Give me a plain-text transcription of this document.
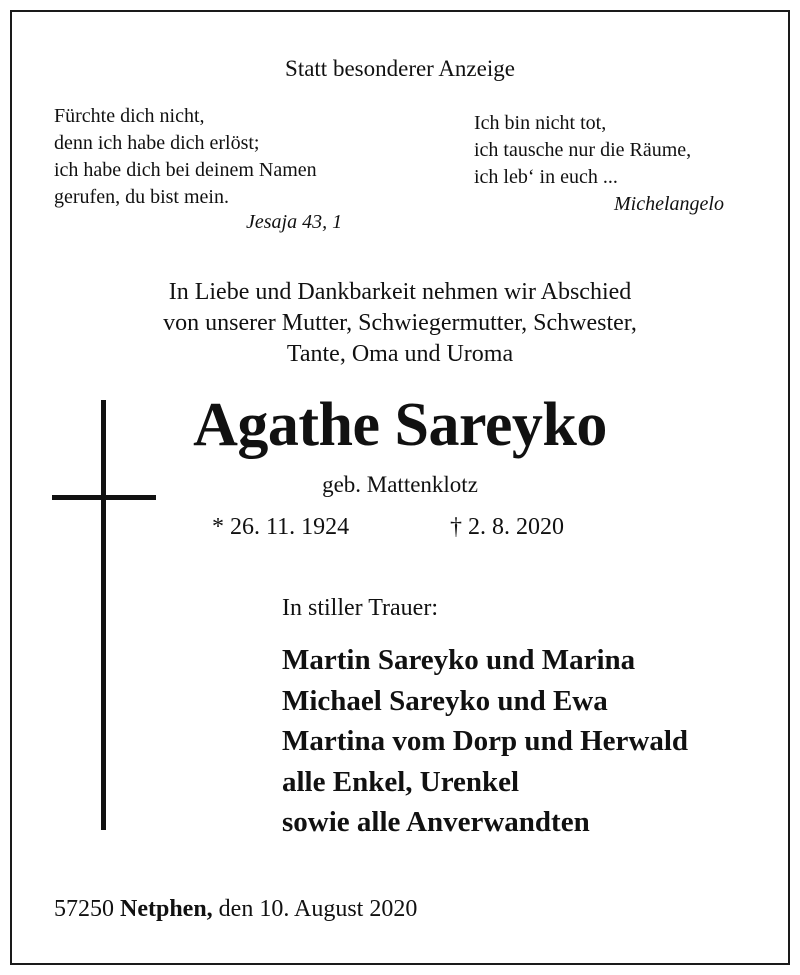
Statt besonderer Anzeige
Fürchte dich nicht,
denn ich habe dich erlöst;
ich habe dich bei deinem Namen
gerufen, du bist mein.
Jesaja 43, 1
Ich bin nicht tot,
ich tausche nur die Räume,
ich leb‘ in euch ...
Michelangelo
In Liebe und Dankbarkeit nehmen wir Abschied
von unserer Mutter, Schwiegermutter, Schwester,
Tante, Oma und Uroma
Agathe Sareyko
geb. Mattenklotz
* 26. 11. 1924	† 2. 8. 2020
In stiller Trauer:
Martin Sareyko und Marina
Michael Sareyko und Ewa
Martina vom Dorp und Herwald
alle Enkel, Urenkel
sowie alle Anverwandten
57250 Netphen, den 10. August 2020
